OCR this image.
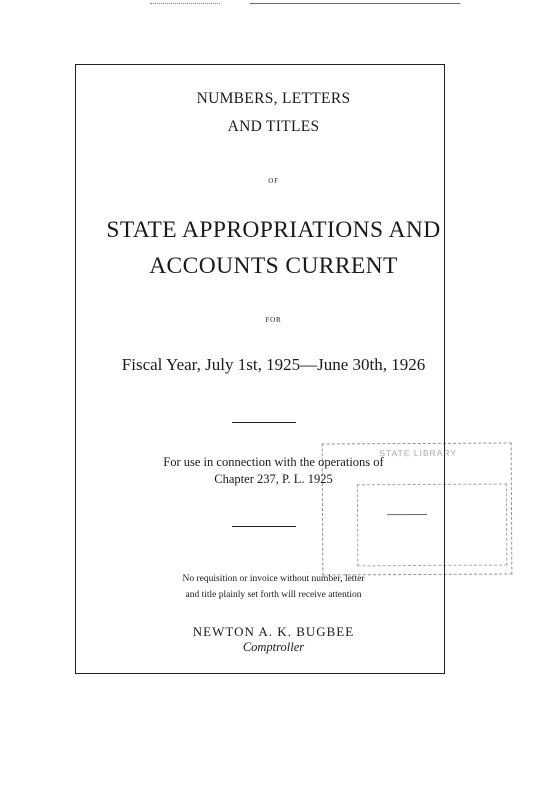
NUMBERS, LETTERS
AND TITLES
OF
STATE APPROPRIATIONS AND
ACCOUNTS CURRENT
FOR
Fiscal Year, July 1st, 1925—June 30th, 1926
STATE LIBRARY
For use in connection with the operations of
Chapter 237, P. L. 1925
No requisition or invoice without number, letter
and title plainly set forth will receive attention
NEWTON A. K. BUGBEE
Comptroller
